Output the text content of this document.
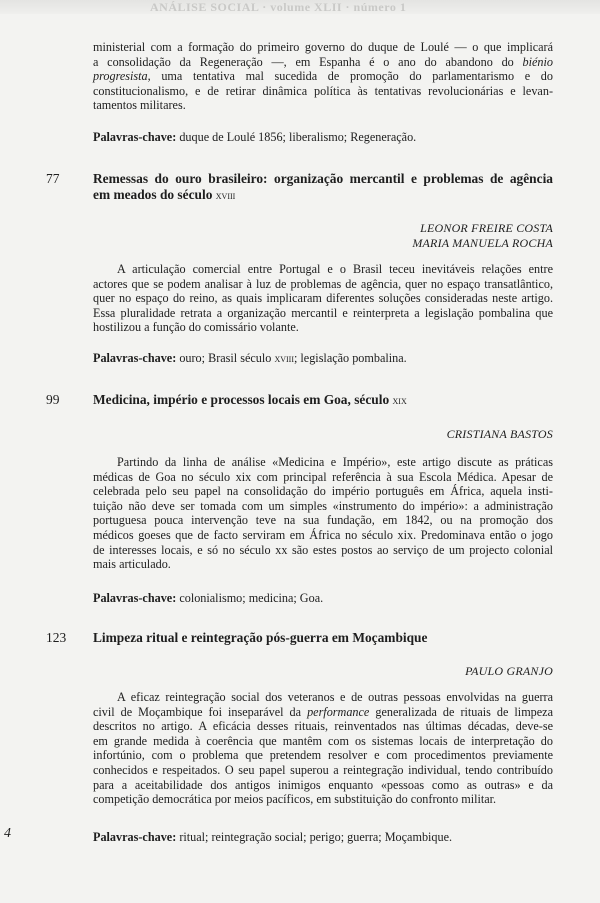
ANÁLISE SOCIAL · volume XLII · número 1
ministerial com a formação do primeiro governo do duque de Loulé — o que implicará
a consolidação da Regeneração —, em Espanha é o ano do abandono do biénio
progresista, uma tentativa mal sucedida de promoção do parlamentarismo e do
constitucionalismo, e de retirar dinâmica política às tentativas revolucionárias e levan-
tamentos militares.

Palavras-chave: duque de Loulé 1856; liberalismo; Regeneração.

77	Remessas do ouro brasileiro: organização mercantil e problemas de agência
em meados do século xviii

LEONOR FREIRE COSTA
MARIA MANUELA ROCHA
A articulação comercial entre Portugal e o Brasil teceu inevitáveis relações entre
actores que se podem analisar à luz de problemas de agência, quer no espaço transatlântico,
quer no espaço do reino, as quais implicaram diferentes soluções consideradas neste artigo.
Essa pluralidade retrata a organização mercantil e reinterpreta a legislação pombalina que
hostilizou a função do comissário volante.

Palavras-chave: ouro; Brasil século xviii; legislação pombalina.

99	Medicina, império e processos locais em Goa, século xix

CRISTIANA BASTOS
Partindo da linha de análise «Medicina e Império», este artigo discute as práticas
médicas de Goa no século xix com principal referência à sua Escola Médica. Apesar de
celebrada pelo seu papel na consolidação do império português em África, aquela insti-
tuição não deve ser tomada com um simples «instrumento do império»: a administração
portuguesa pouca intervenção teve na sua fundação, em 1842, ou na promoção dos
médicos goeses que de facto serviram em África no século xix. Predominava então o jogo
de interesses locais, e só no século xx são estes postos ao serviço de um projecto colonial
mais articulado.

Palavras-chave: colonialismo; medicina; Goa.

123 Limpeza ritual e reintegração pós-guerra em Moçambique

PAULO GRANJO
A eficaz reintegração social dos veteranos e de outras pessoas envolvidas na guerra
civil de Moçambique foi inseparável da performance generalizada de rituais de limpeza
descritos no artigo. A eficácia desses rituais, reinventados nas últimas décadas, deve-se
em grande medida à coerência que mantêm com os sistemas locais de interpretação do
infortúnio, com o problema que pretendem resolver e com procedimentos previamente
conhecidos e respeitados. O seu papel superou a reintegração individual, tendo contribuído
para a aceitabilidade dos antigos inimigos enquanto «pessoas como as outras» e da
competição democrática por meios pacíficos, em substituição do confronto militar.

Palavras-chave: ritual; reintegração social; perigo; guerra; Moçambique.

4
